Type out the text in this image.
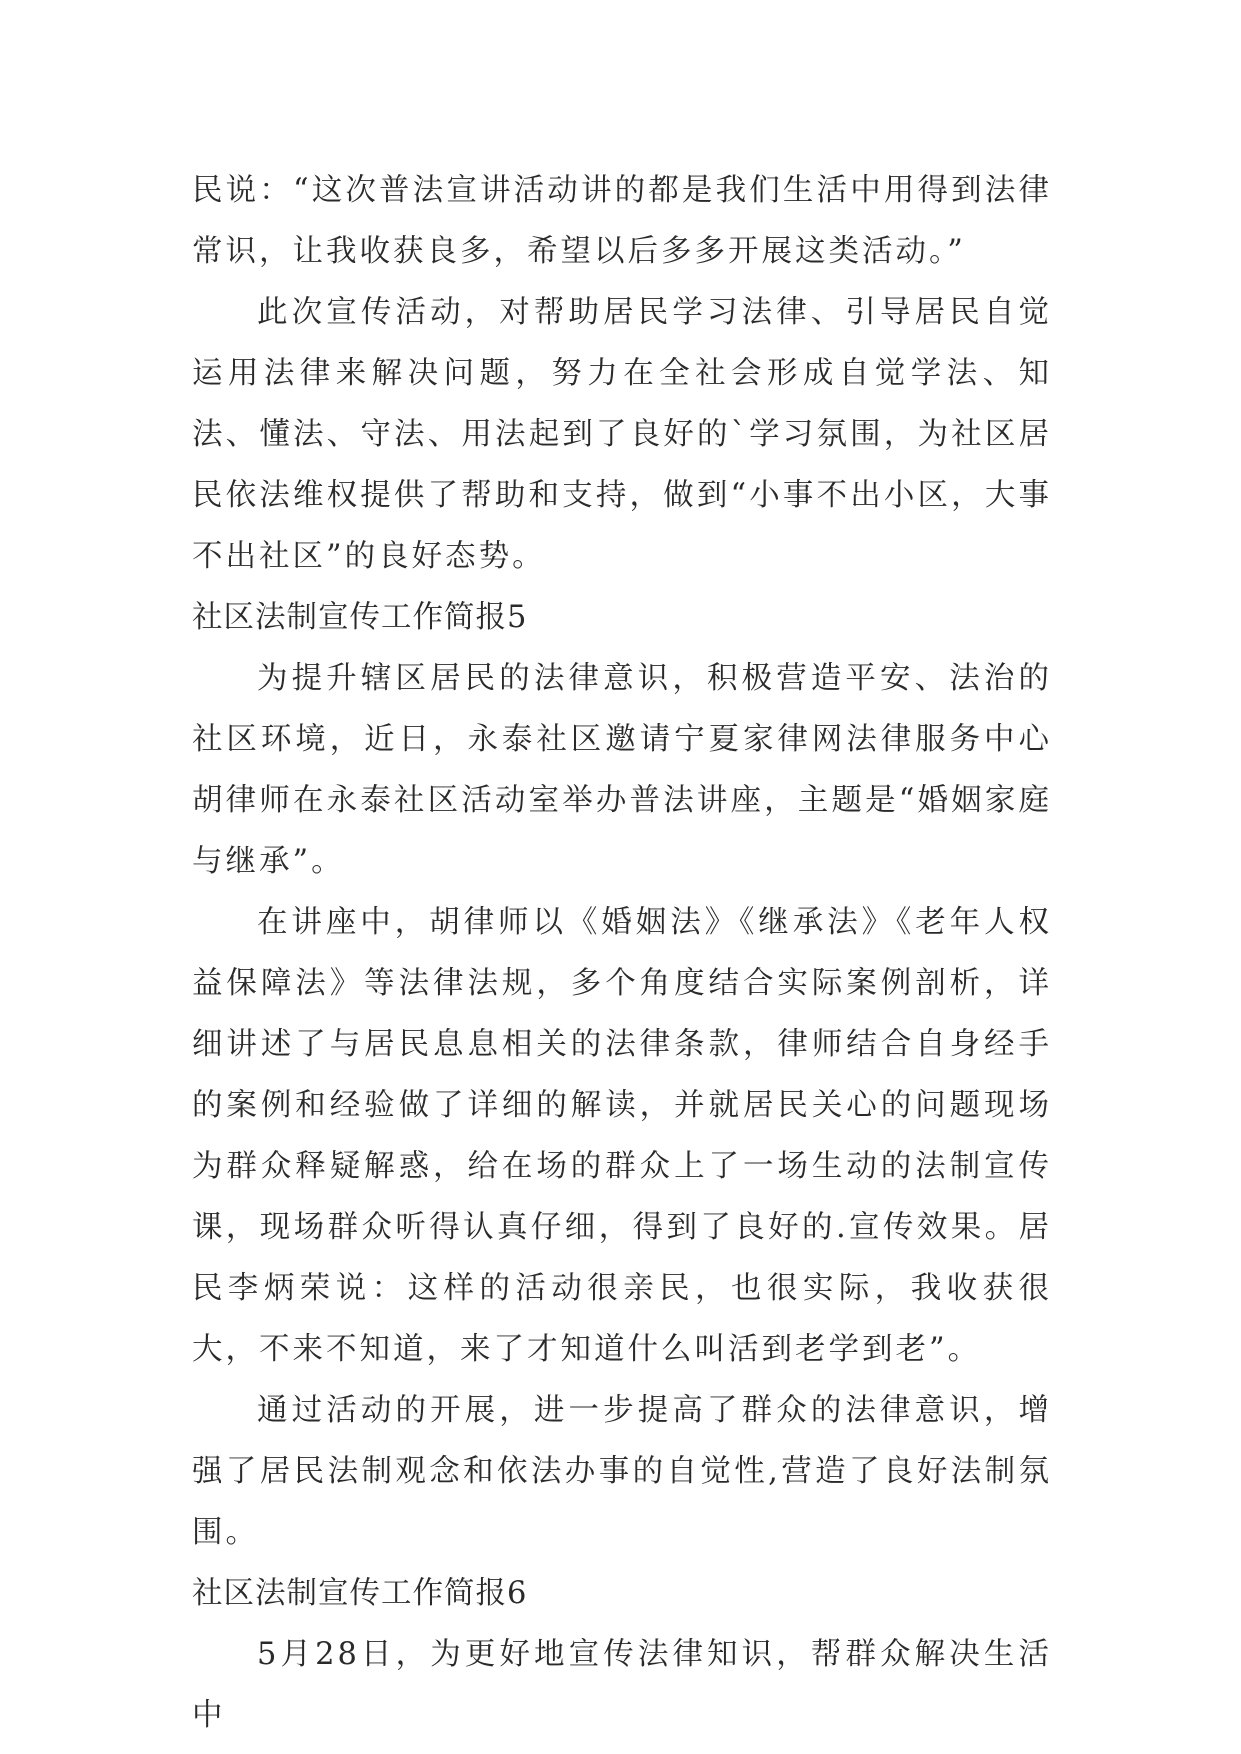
民说：“这次普法宣讲活动讲的都是我们生活中用得到法律常识，让我收获良多，希望以后多多开展这类活动。”

此次宣传活动，对帮助居民学习法律、引导居民自觉运用法律来解决问题，努力在全社会形成自觉学法、知法、懂法、守法、用法起到了良好的`学习氛围，为社区居民依法维权提供了帮助和支持，做到“小事不出小区，大事不出社区”的良好态势。

社区法制宣传工作简报5

为提升辖区居民的法律意识，积极营造平安、法治的社区环境，近日，永泰社区邀请宁夏家律网法律服务中心胡律师在永泰社区活动室举办普法讲座，主题是“婚姻家庭与继承”。

在讲座中，胡律师以《婚姻法》《继承法》《老年人权益保障法》等法律法规，多个角度结合实际案例剖析，详细讲述了与居民息息相关的法律条款，律师结合自身经手的案例和经验做了详细的解读，并就居民关心的问题现场为群众释疑解惑，给在场的群众上了一场生动的法制宣传课，现场群众听得认真仔细，得到了良好的.宣传效果。居民李炳荣说：这样的活动很亲民，也很实际，我收获很大，不来不知道，来了才知道什么叫活到老学到老”。

通过活动的开展，进一步提高了群众的法律意识，增强了居民法制观念和依法办事的自觉性,营造了良好法制氛围。

社区法制宣传工作简报6

5月28日，为更好地宣传法律知识，帮群众解决生活中
